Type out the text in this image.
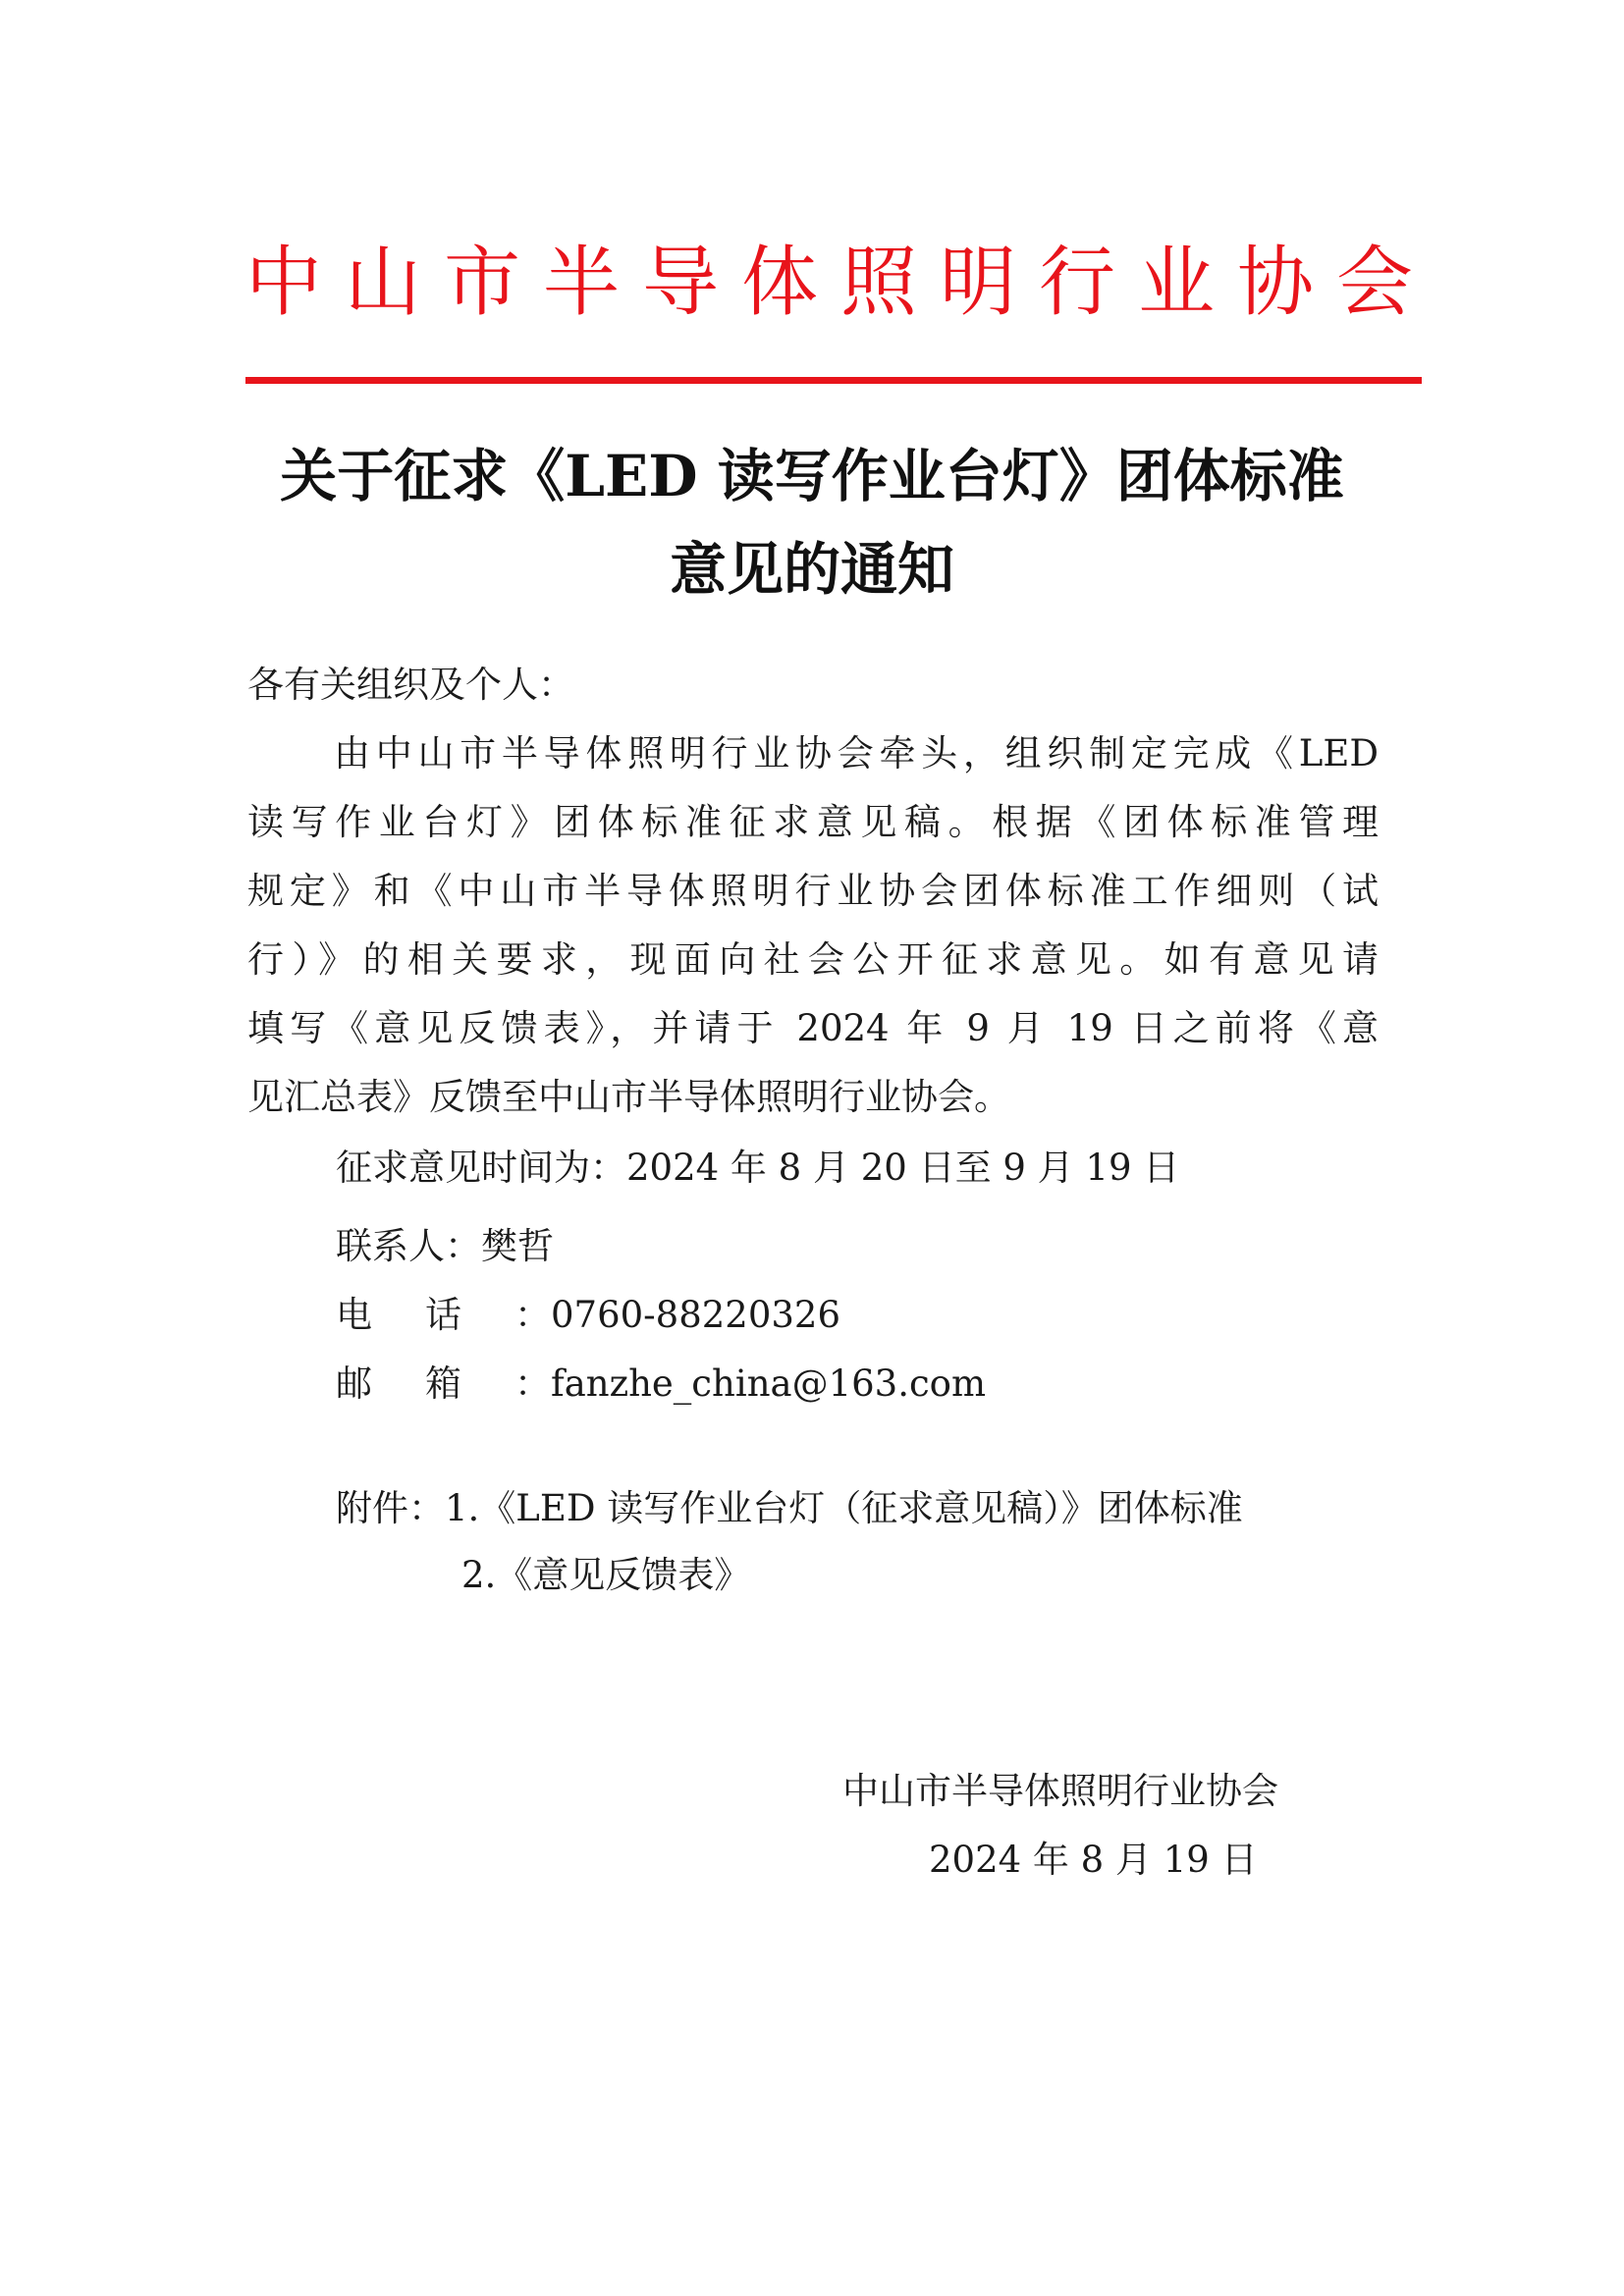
中山市半导体照明行业协会
关于征求《LED 读写作业台灯》团体标准
意见的通知
各有关组织及个人：
由中山市半导体照明行业协会牵头，组织制定完成《LED
读写作业台灯》团体标准征求意见稿。根据《团体标准管理
规定》和《中山市半导体照明行业协会团体标准工作细则（试
行）》的相关要求，现面向社会公开征求意见。如有意见请
填写《意见反馈表》，并请于 2024 年 9 月 19 日之前将《意
见汇总表》反馈至中山市半导体照明行业协会。
征求意见时间为：2024 年 8 月 20 日至 9 月 19 日
联系人：樊哲
电话：0760-88220326
邮箱：fanzhe_china@163.com
附件：1.《LED 读写作业台灯（征求意见稿）》团体标准
2.《意见反馈表》
中山市半导体照明行业协会
2024 年 8 月 19 日
